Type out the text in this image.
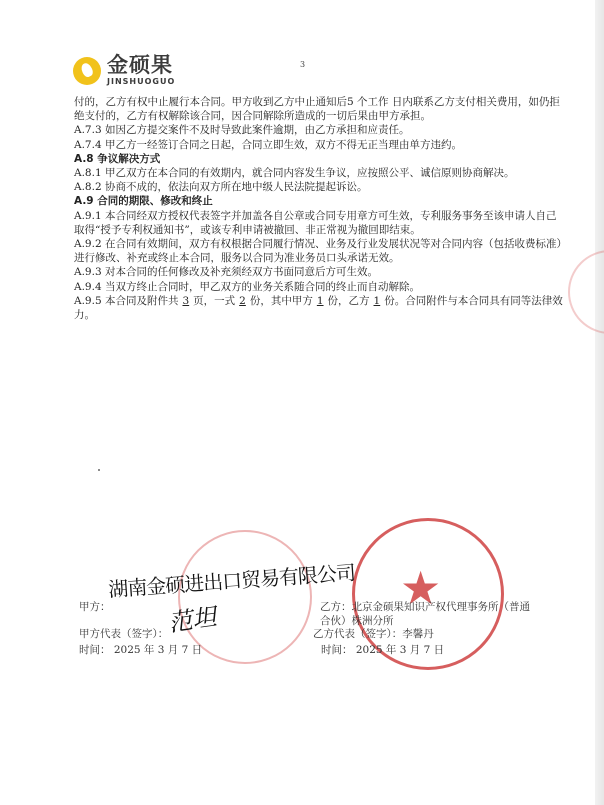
金硕果
JINSHUOGUO
3

付的，乙方有权中止履行本合同。甲方收到乙方中止通知后5 个工作 日内联系乙方支付相关费用，如仍拒绝支付的，乙方有权解除该合同，因合同解除所造成的一切后果由甲方承担。

A.7.3 如因乙方提交案件不及时导致此案件逾期，由乙方承担和应责任。

A.7.4 甲乙方一经签订合同之日起，合同立即生效，双方不得无正当理由单方违约。

A.8 争议解决方式

A.8.1 甲乙双方在本合同的有效期内，就合同内容发生争议，应按照公平、诚信原则协商解决。

A.8.2 协商不成的，依法向双方所在地中级人民法院提起诉讼。

A.9 合同的期限、修改和终止

A.9.1 本合同经双方授权代表签字并加盖各自公章或合同专用章方可生效，专利服务事务至该申请人自己取得“授予专利权通知书”，或该专利申请被撤回、非正常视为撤回即结束。

A.9.2 在合同有效期间，双方有权根据合同履行情况、业务及行业发展状况等对合同内容（包括收费标准）进行修改、补充或终止本合同，服务以合同为准业务员口头承诺无效。

A.9.3 对本合同的任何修改及补充须经双方书面同意后方可生效。

A.9.4 当双方终止合同时，甲乙双方的业务关系随合同的终止而自动解除。

A.9.5 本合同及附件共 3 页，一式 2 份，其中甲方 1 份，乙方 1 份。合同附件与本合同具有同等法律效力。

★
甲方：
湖南金硕进出口贸易有限公司
甲方代表（签字）：
范坦
时间： 2025 年 3 月 7 日
乙方：北京金硕果知识产权代理事务所（普通合伙）株洲分所
乙方代表（签字）：李馨丹
时间： 2025 年 3 月 7 日
